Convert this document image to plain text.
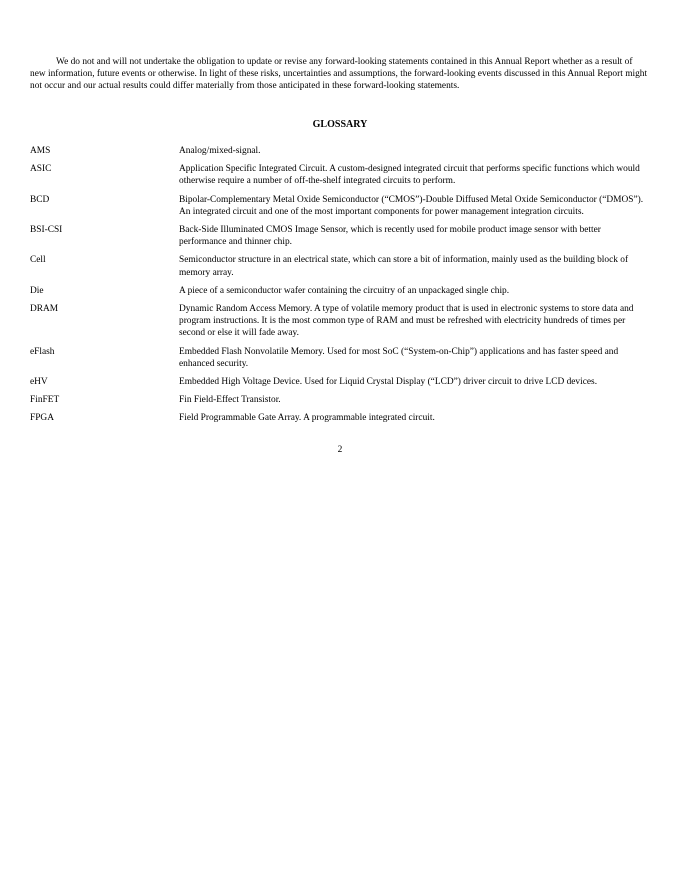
We do not and will not undertake the obligation to update or revise any forward-looking statements contained in this Annual Report whether as a result of new information, future events or otherwise. In light of these risks, uncertainties and assumptions, the forward-looking events discussed in this Annual Report might not occur and our actual results could differ materially from those anticipated in these forward-looking statements.

GLOSSARY

AMS	Analog/mixed-signal.
ASIC	Application Specific Integrated Circuit. A custom-designed integrated circuit that performs specific functions which would otherwise require a number of off-the-shelf integrated circuits to perform.
BCD	Bipolar-Complementary Metal Oxide Semiconductor (“CMOS”)-Double Diffused Metal Oxide Semiconductor (“DMOS”). An integrated circuit and one of the most important components for power management integration circuits.
BSI-CSI	Back-Side Illuminated CMOS Image Sensor, which is recently used for mobile product image sensor with better performance and thinner chip.
Cell	Semiconductor structure in an electrical state, which can store a bit of information, mainly used as the building block of memory array.
Die	A piece of a semiconductor wafer containing the circuitry of an unpackaged single chip.
DRAM	Dynamic Random Access Memory. A type of volatile memory product that is used in electronic systems to store data and program instructions. It is the most common type of RAM and must be refreshed with electricity hundreds of times per second or else it will fade away.
eFlash	Embedded Flash Nonvolatile Memory. Used for most SoC (“System-on-Chip”) applications and has faster speed and enhanced security.
eHV	Embedded High Voltage Device. Used for Liquid Crystal Display (“LCD”) driver circuit to drive LCD devices.
FinFET	Fin Field-Effect Transistor.
FPGA	Field Programmable Gate Array. A programmable integrated circuit.

2
